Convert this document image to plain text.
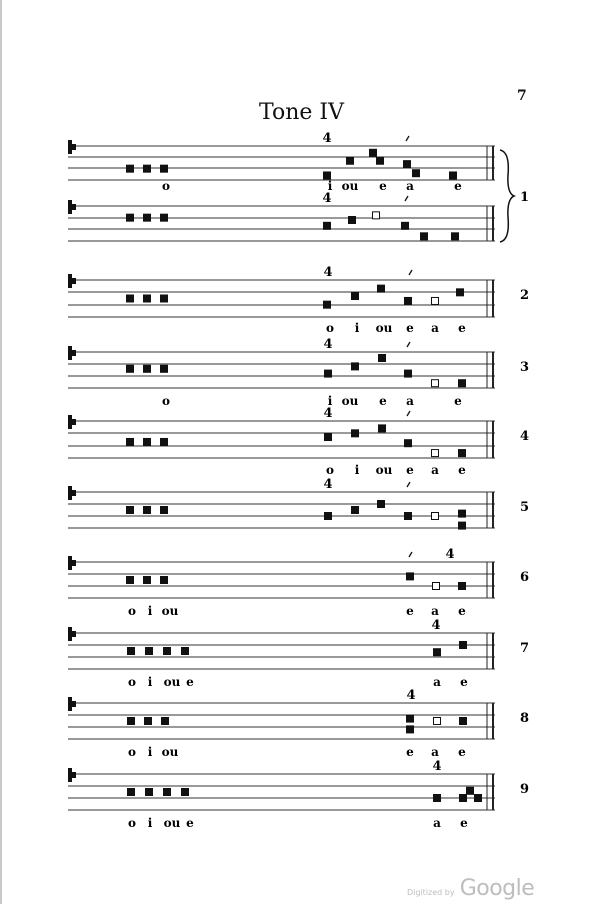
7
Tone IV
4
o	i ou e a	e
4
4
2
o i ou e a e
4
3
o	i ou e a	e
4
4
o i ou e a e
4
5
4
6
o i ou	e a e
4
7
o i ou e	a e
4
8
o i ou	e a e
4
9
o i ou e	a e
1
Digitized by Google
